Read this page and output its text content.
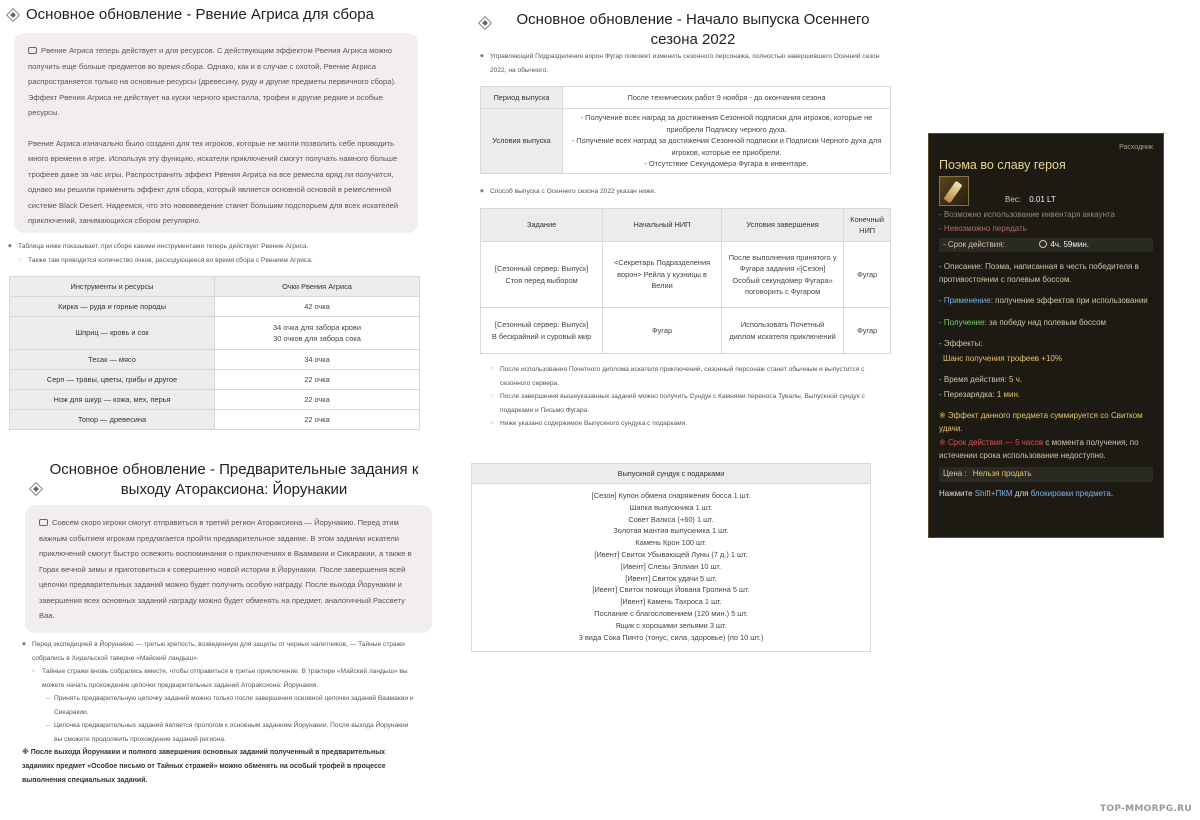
Основное обновление - Рвение Агриса для сбора

Рвение Агриса теперь действует и для ресурсов. С действующим эффектом Рвения Агриса можно получить еще больше предметов во время сбора. Однако, как и в случае с охотой, Рвение Агриса распространяется только на основные ресурсы (древесину, руду и другие предметы первичного сбора). Эффект Рвения Агриса не действует на куски черного кристалла, трофеи и другие редкие и особые ресурсы.

Рвение Агриса изначально было создано для тех игроков, которые не могли позволить себе проводить много времени в игре. Используя эту функцию, искатели приключений смогут получать намного больше трофеев даже за час игры. Распространить эффект Рвения Агриса на все ремесла вряд ли получится, однако мы решили применить эффект для сбора, который является основной основой в ремесленной системе Black Desert. Надеемся, что это нововведение станет большим подспорьем для всех искателей приключений, занимающихся сбором регулярно.

◆ Таблица ниже показывает, при сборе какими инструментами теперь действует Рвение Агриса.
○ Также там приводится количество очков, расходующееся во время сбора с Рвением Агриса.
Инструменты и ресурсы	Очки Рвения Агриса
Кирка — руда и горные породы	42 очка
Шприц — кровь и сок	34 очка для забора крови
30 очков для забора сока
Тесак — мясо	34 очка
Серп — травы, цветы, грибы и другое	22 очка
Нож для шкур — кожа, мех, перья	22 очка
Топор — древесина	22 очка
Основное обновление - Предварительные задания к выходу Атораксиона: Йорунакии

Совсем скоро игроки смогут отправиться в третий регион Атораксиона — Йорунакию. Перед этим важным событием игрокам предлагается пройти предварительное задание. В этом задании искатели приключений смогут быстро освежить воспоминания о приключениях в Ваамакии и Сикаракии, а также в Горах вечной зимы и приготовиться к совершенно новой истории в Йорунакии. После завершения всей цепочки предварительных заданий можно будет получить особую награду. После выхода Йорунакии и завершения всех основных заданий награду можно будет обменять на предмет, аналогичный Рассвету Ваа.

◆ Перед экспедицией в Йорунакию — третью крепость, возведенную для защиты от черных налетчиков, — Тайные стражи собрались в Хидельской таверне «Майский ландыш».
○ Тайные стражи вновь собрались вместе, чтобы отправиться в третье приключение. В трактире «Майский ландыш» вы можете начать прохождение цепочки предварительных заданий Атораксиона: Йорунакия.
– Принять предварительную цепочку заданий можно только после завершения основной цепочки заданий Ваамакии и Сикаракии.
– Цепочка предварительных заданий является прологом к основным заданиям Йорунакии. После выхода Йорунакии вы сможете продолжить прохождение заданий региона.
※ После выхода Йорунакии и полного завершения основных заданий полученный в предварительных заданиях предмет «Особое письмо от Тайных стражей» можно обменять на особый трофей в процессе выполнения специальных заданий.
Основное обновление - Начало выпуска Осеннего сезона 2022
◆ Управляющий Подразделения ворон Фугар поможет изменить сезонного персонажа, полностью завершившего Осенний сезон 2022, на обычного.
Период выпуска	После технических работ 9 ноября - до окончания сезона
Условия выпуска	- Получение всех наград за достижения Сезонной подписки для игроков, которые не приобрели Подписку черного духа.
- Получение всех наград за достижения Сезонной подписки и Подписки Черного духа для игроков, которые ее приобрели.
- Отсутствие Секундомера Фугара в инвентаре.
◆ Способ выпуска с Осеннего сезона 2022 указан ниже.
Задание	Начальный НИП	Условия завершения	Конечный НИП
[Сезонный сервер: Выпуск]
Стоя перед выбором	<Секретарь Подразделения ворон> Рейла у кузницы в Велии	После выполнения принятого у Фугара задания «[Сезон] Особый секундомер Фугара» поговорить с Фугаром	Фугар
[Сезонный сервер: Выпуск]
В бескрайний и суровый мир	Фугар	Использовать Почетный диплом искателя приключений	Фугар
○ После использования Почетного диплома искателя приключений, сезонный персонаж станет обычным и выпустится с сезонного сервера.
○ После завершения вышеуказанных заданий можно получить Сундук с Камнями переноса Тувалы, Выпускной сундук с подарками и Письмо Фугара.
○ Ниже указано содержимое Выпускного сундука с подарками.
Выпускной сундук с подарками
[Сезон] Купон обмена снаряжения босса 1 шт.
Шапка выпускника 1 шт.
Совет Валкса (+60) 1 шт.
Золотая мантия выпускника 1 шт.
Камень Крон 100 шт.
[Ивент] Свиток Убывающей Луны (7 д.) 1 шт.
[Ивент] Слезы Эллиан 10 шт.
[Ивент] Свиток удачи 5 шт.
[Ивент] Свиток помощи Йована Гролина 5 шт.
[Ивент] Камень Тахроса 1 шт.
Послание с благословением (120 мин.) 5 шт.
Ящик с хорошими зельями 3 шт.
3 вида Сока Пинто (тонус, сила, здоровье) (по 10 шт.)
Расходник
Поэма во славу героя
Вес: 0.01 LT
- Возможно использование инвентаря аккаунта
- Невозможно передать
- Срок действия:	4ч. 59мин.
- Описание: Поэма, написанная в честь победителя в противостоянии с полевым боссом.
- Применение: получение эффектов при использовании
- Получение: за победу над полевым боссом
- Эффекты:
Шанс получения трофеев +10%
- Время действия: 5 ч.
- Перезарядка: 1 мин.
※ Эффект данного предмета суммируется со Свитком удачи.
※ Срок действия — 5 часов с момента получения, по истечении срока использование недоступно.
Цена : Нельзя продать
Нажмите Shift+ПКМ для блокировки предмета.
TOP-MMORPG.RU
